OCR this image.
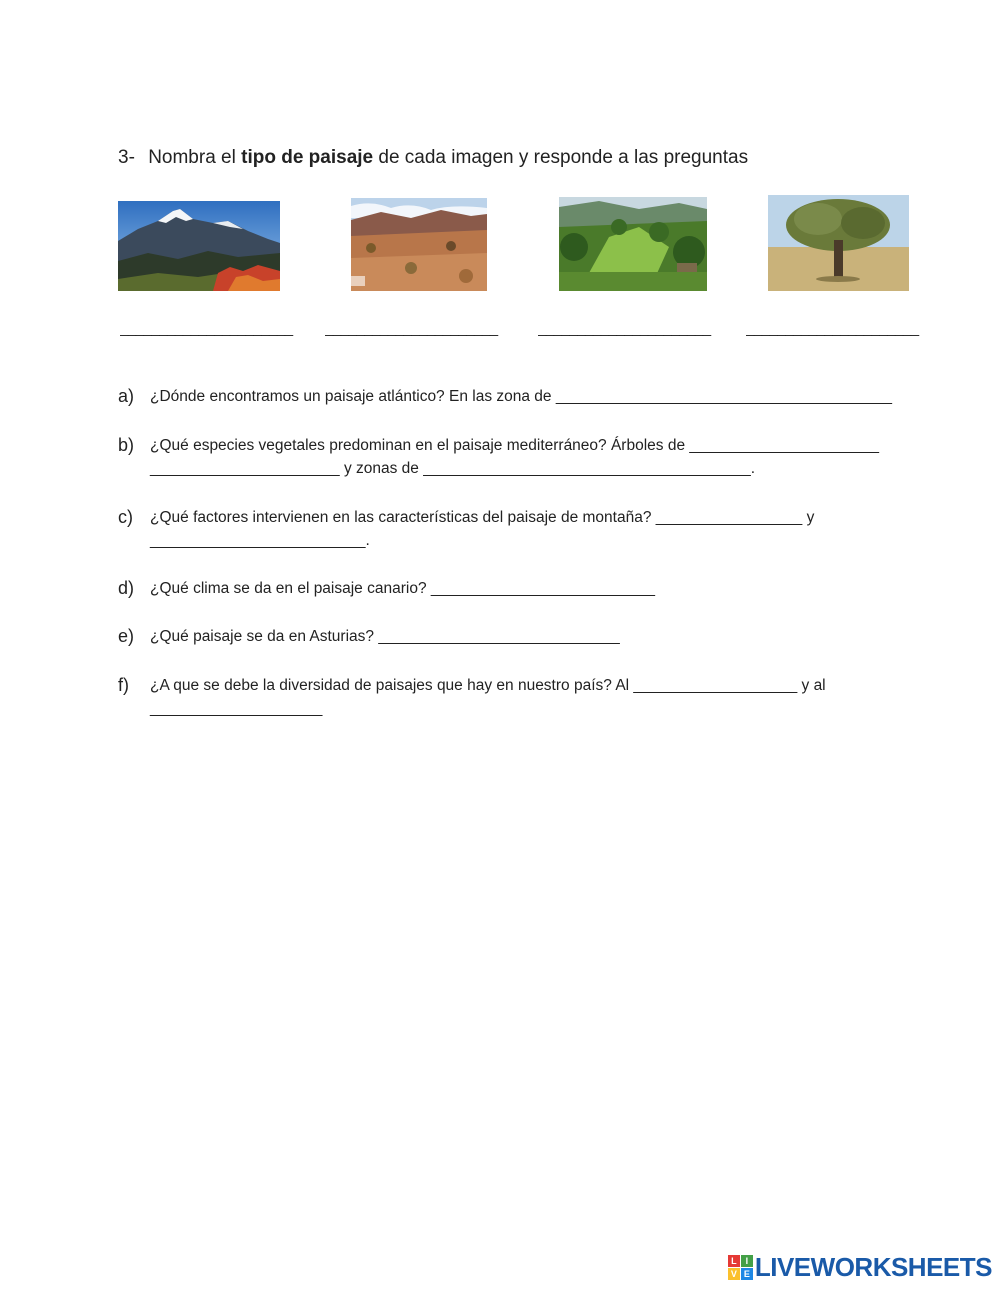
3- Nombra el tipo de paisaje de cada imagen y responde a las preguntas
______________________	______________________	______________________	______________________
a) ¿Dónde encontramos un paisaje atlántico? En las zona de _______________________________________
b) ¿Qué especies vegetales predominan en el paisaje mediterráneo? Árboles de ______________________
______________________ y zonas de ______________________________________.
c) ¿Qué factores intervienen en las características del paisaje de montaña? _________________ y
_________________________.
d) ¿Qué clima se da en el paisaje canario? __________________________
e) ¿Qué paisaje se da en Asturias? ____________________________
f) ¿A que se debe la diversidad de paisajes que hay en nuestro país? Al ___________________ y al
____________________
L I
V E LIVEWORKSHEETS
